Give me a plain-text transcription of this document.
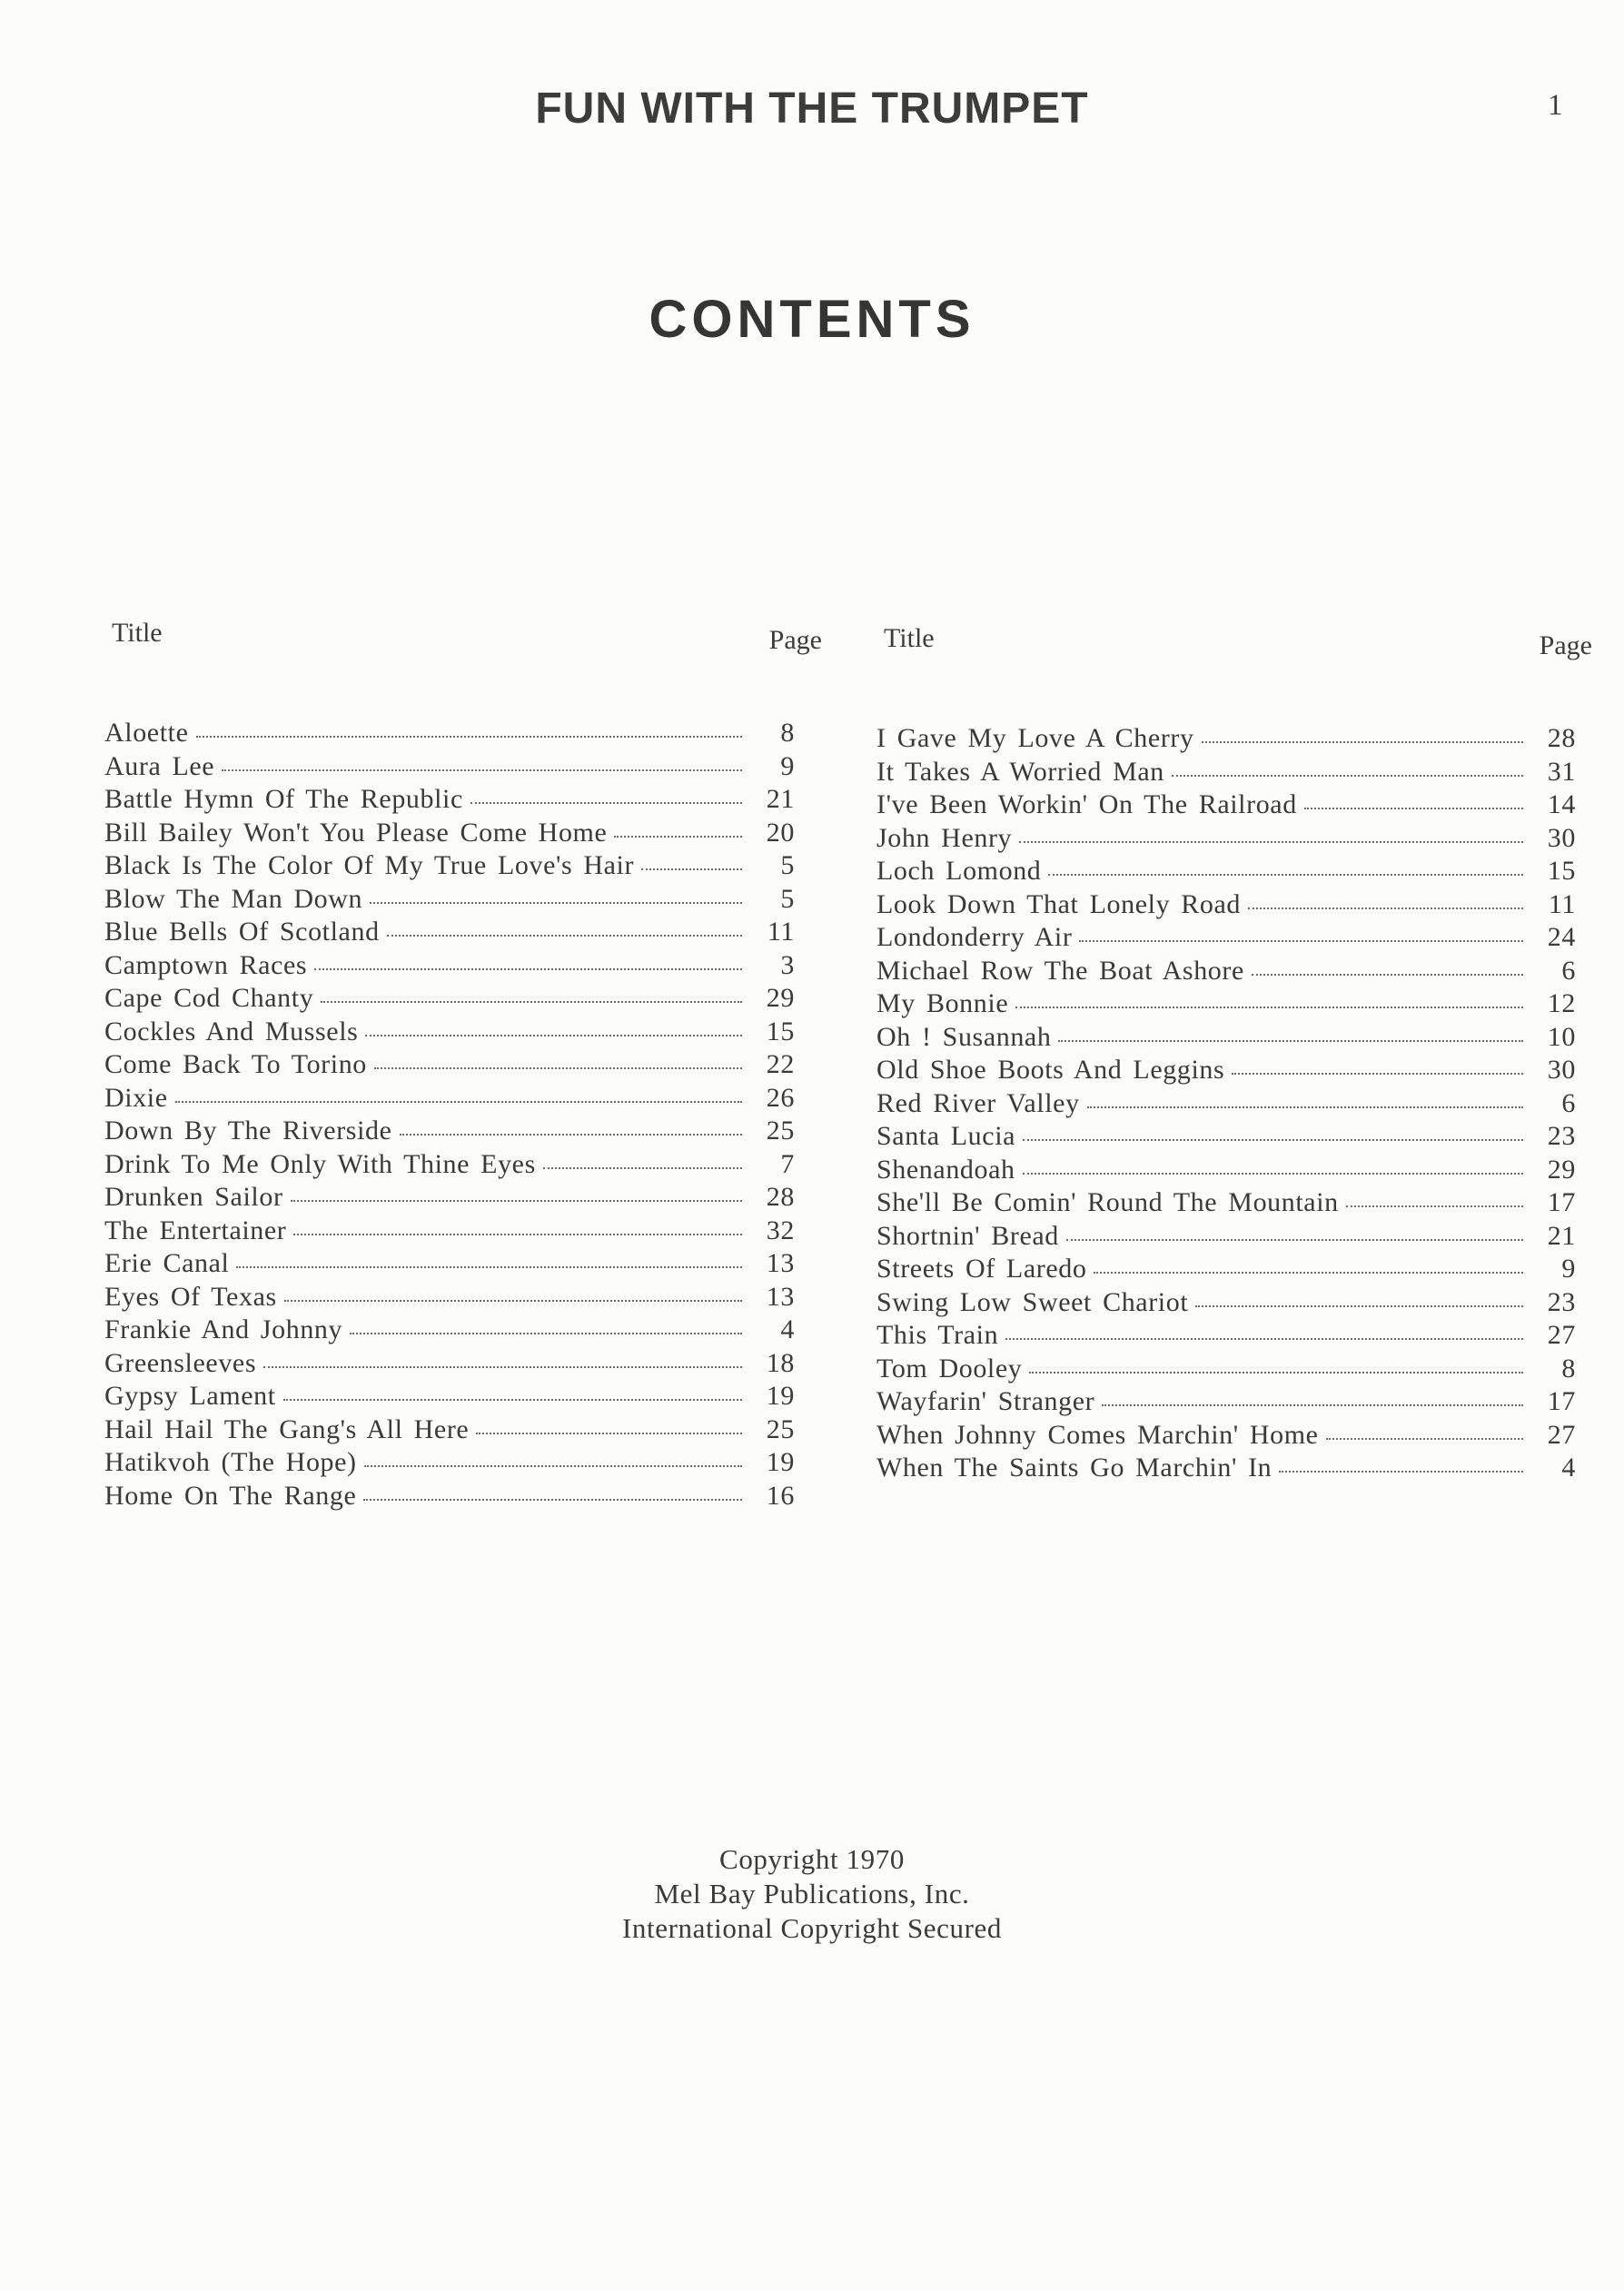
FUN WITH THE TRUMPET	1
CONTENTS
Title	Page
Aloette	8
Aura Lee	9
Battle Hymn Of The Republic	21
Bill Bailey Won't You Please Come Home	20
Black Is The Color Of My True Love's Hair	5
Blow The Man Down	5
Blue Bells Of Scotland	11
Camptown Races	3
Cape Cod Chanty	29
Cockles And Mussels	15
Come Back To Torino	22
Dixie	26
Down By The Riverside	25
Drink To Me Only With Thine Eyes	7
Drunken Sailor	28
The Entertainer	32
Erie Canal	13
Eyes Of Texas	13
Frankie And Johnny	4
Greensleeves	18
Gypsy Lament	19
Hail Hail The Gang's All Here	25
Hatikvoh (The Hope)	19
Home On The Range	16
Title	Page
I Gave My Love A Cherry	28
It Takes A Worried Man	31
I've Been Workin' On The Railroad	14
John Henry	30
Loch Lomond	15
Look Down That Lonely Road	11
Londonderry Air	24
Michael Row The Boat Ashore	6
My Bonnie	12
Oh ! Susannah	10
Old Shoe Boots And Leggins	30
Red River Valley	6
Santa Lucia	23
Shenandoah	29
She'll Be Comin' Round The Mountain	17
Shortnin' Bread	21
Streets Of Laredo	9
Swing Low Sweet Chariot	23
This Train	27
Tom Dooley	8
Wayfarin' Stranger	17
When Johnny Comes Marchin' Home	27
When The Saints Go Marchin' In	4
Copyright 1970
Mel Bay Publications, Inc.
International Copyright Secured
